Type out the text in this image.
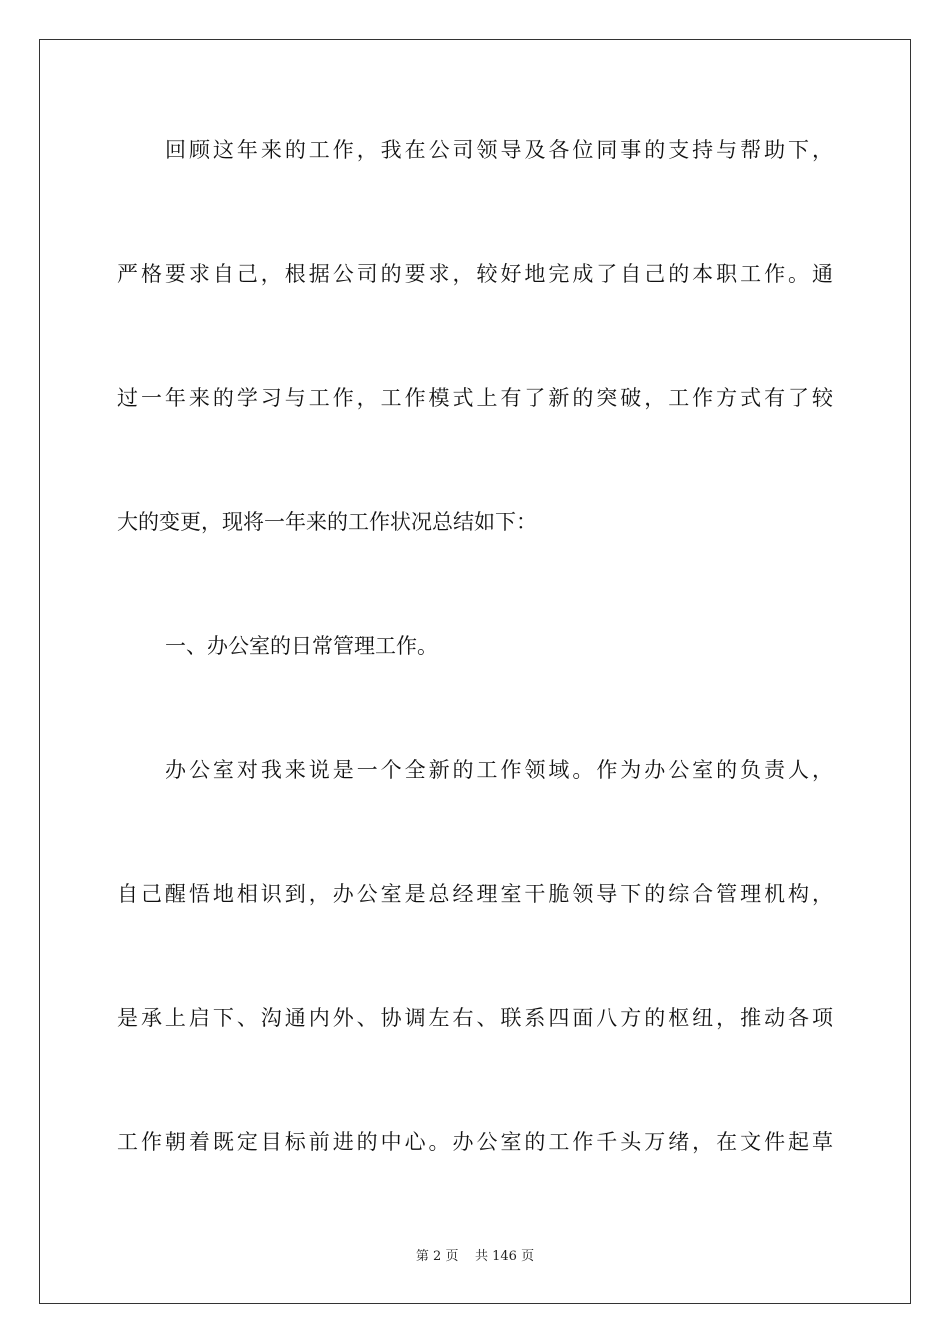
回顾这年来的工作，我在公司领导及各位同事的支持与帮助下，
严格要求自己，根据公司的要求，较好地完成了自己的本职工作。通
过一年来的学习与工作，工作模式上有了新的突破，工作方式有了较
大的变更，现将一年来的工作状况总结如下：
一、办公室的日常管理工作。
办公室对我来说是一个全新的工作领域。作为办公室的负责人，
自己醒悟地相识到，办公室是总经理室干脆领导下的综合管理机构，
是承上启下、沟通内外、协调左右、联系四面八方的枢纽，推动各项
工作朝着既定目标前进的中心。办公室的工作千头万绪，在文件起草
第 2 页 共 146 页
